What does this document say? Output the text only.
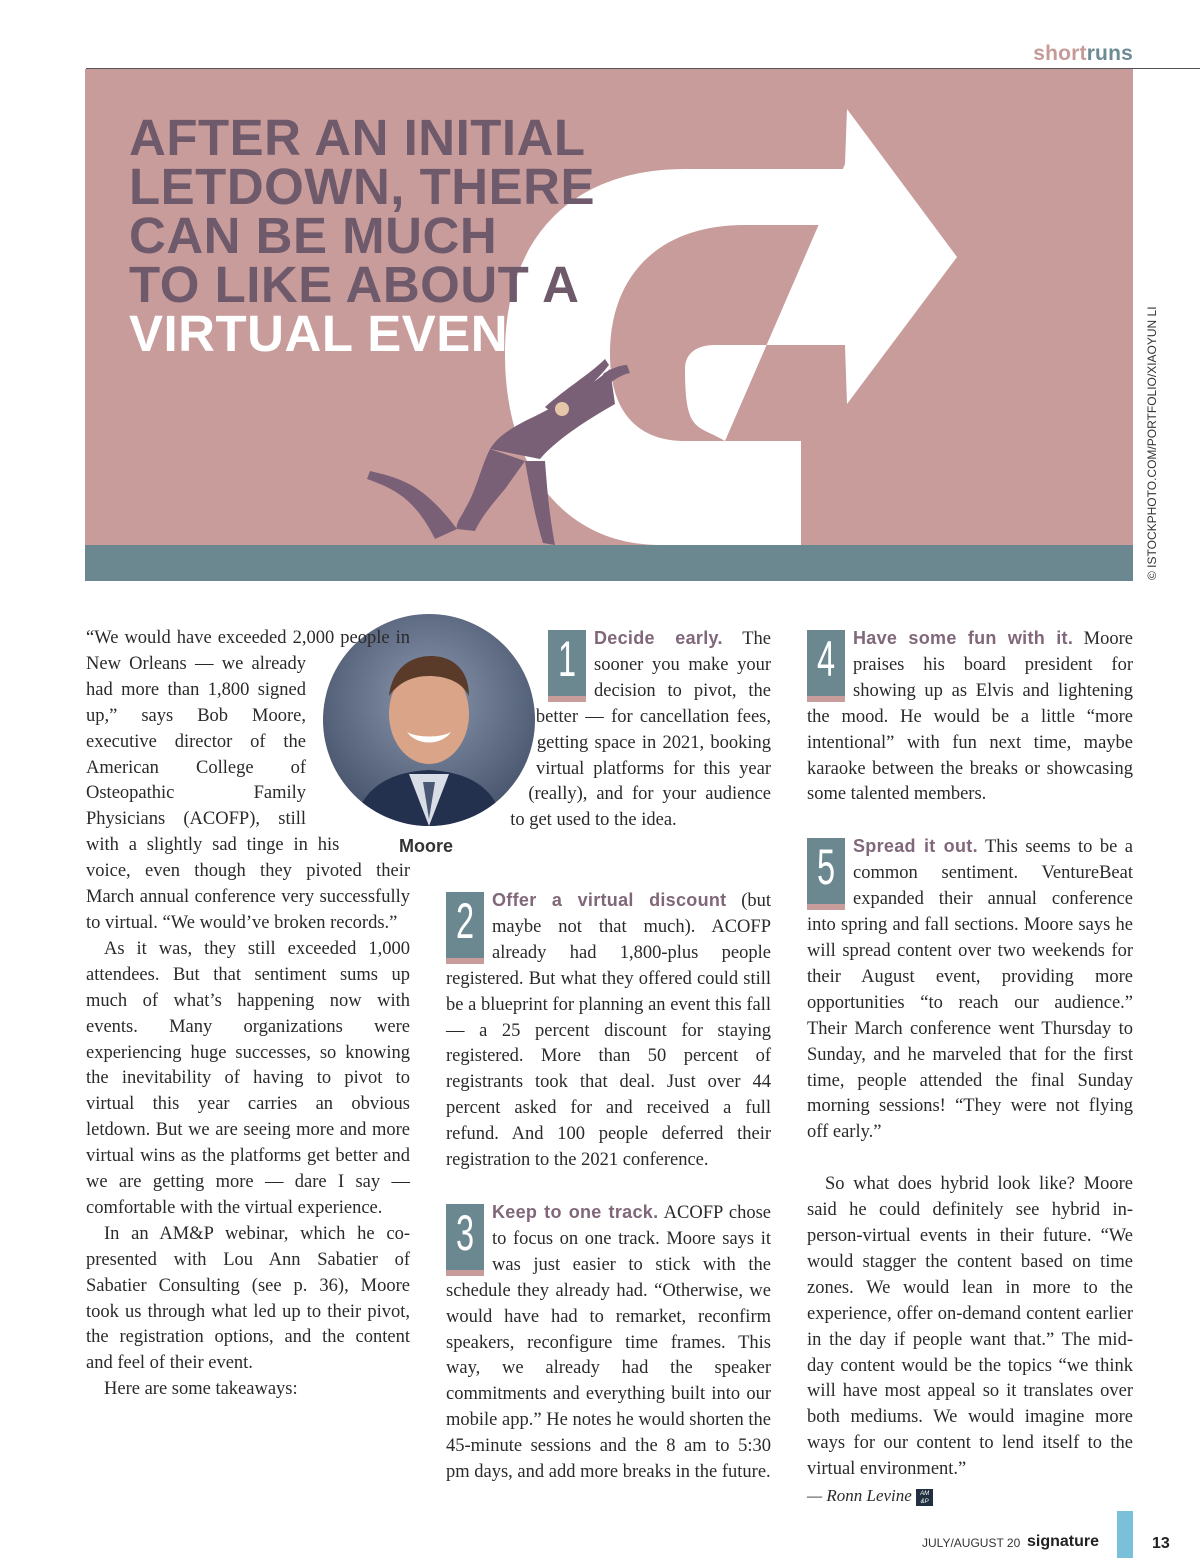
shortruns
AFTER AN INITIAL
LETDOWN, THERE
CAN BE MUCH
TO LIKE ABOUT A
VIRTUAL EVENT	© ISTOCKPHOTO.COM/PORTFOLIO/XIAOYUN LI
Moore

“We would have exceeded 2,000 people in New Orleans — we already had more than 1,800 signed up,” says Bob Moore, executive director of the American College of Osteopathic Family Physicians (ACOFP), still with a slightly sad tinge in his voice, even though they pivoted their March annual conference very successfully to virtual. “We would’ve broken records.”

As it was, they still exceeded 1,000 attendees. But that sentiment sums up much of what’s happening now with events. Many organizations were experiencing huge successes, so knowing the inevitability of having to pivot to virtual this year carries an obvious letdown. But we are seeing more and more virtual wins as the platforms get better and we are getting more — dare I say — comfortable with the virtual experience.

In an AM&P webinar, which he co-presented with Lou Ann Sabatier of Sabatier Consulting (see p. 36), Moore took us through what led up to their pivot, the registration options, and the content and feel of their event.

Here are some takeaways:

1 Decide early. The sooner you make your decision to pivot, the better — for cancellation fees, getting space in 2021, booking virtual platforms for this year (really), and for your audience to get used to the idea.

2 Offer a virtual discount (but maybe not that much). ACOFP already had 1,800-plus people registered. But what they offered could still be a blueprint for planning an event this fall — a 25 percent discount for staying registered. More than 50 percent of registrants took that deal. Just over 44 percent asked for and received a full refund. And 100 people deferred their registration to the 2021 conference.

3 Keep to one track. ACOFP chose to focus on one track. Moore says it was just easier to stick with the schedule they already had. “Otherwise, we would have had to remarket, reconfirm speakers, reconfigure time frames. This way, we already had the speaker commitments and everything built into our mobile app.” He notes he would shorten the 45-minute sessions and the 8 am to 5:30 pm days, and add more breaks in the future.

4 Have some fun with it. Moore praises his board president for showing up as Elvis and lightening the mood. He would be a little “more intentional” with fun next time, maybe karaoke between the breaks or showcasing some talented members.

5 Spread it out. This seems to be a common sentiment. VentureBeat expanded their annual conference into spring and fall sections. Moore says he will spread content over two weekends for their August event, providing more opportunities “to reach our audience.” Their March conference went Thursday to Sunday, and he marveled that for the first time, people attended the final Sunday morning sessions! “They were not flying off early.”

So what does hybrid look like? Moore said he could definitely see hybrid in-person-virtual events in their future. “We would stagger the content based on time zones. We would lean in more to the experience, offer on-demand content earlier in the day if people want that.” The mid-day content would be the topics “we think will have most appeal so it translates over both mediums. We would imagine more ways for our content to lend itself to the virtual environment.”

— Ronn Levine AM
&P

JULY/AUGUST 20 signature	13
